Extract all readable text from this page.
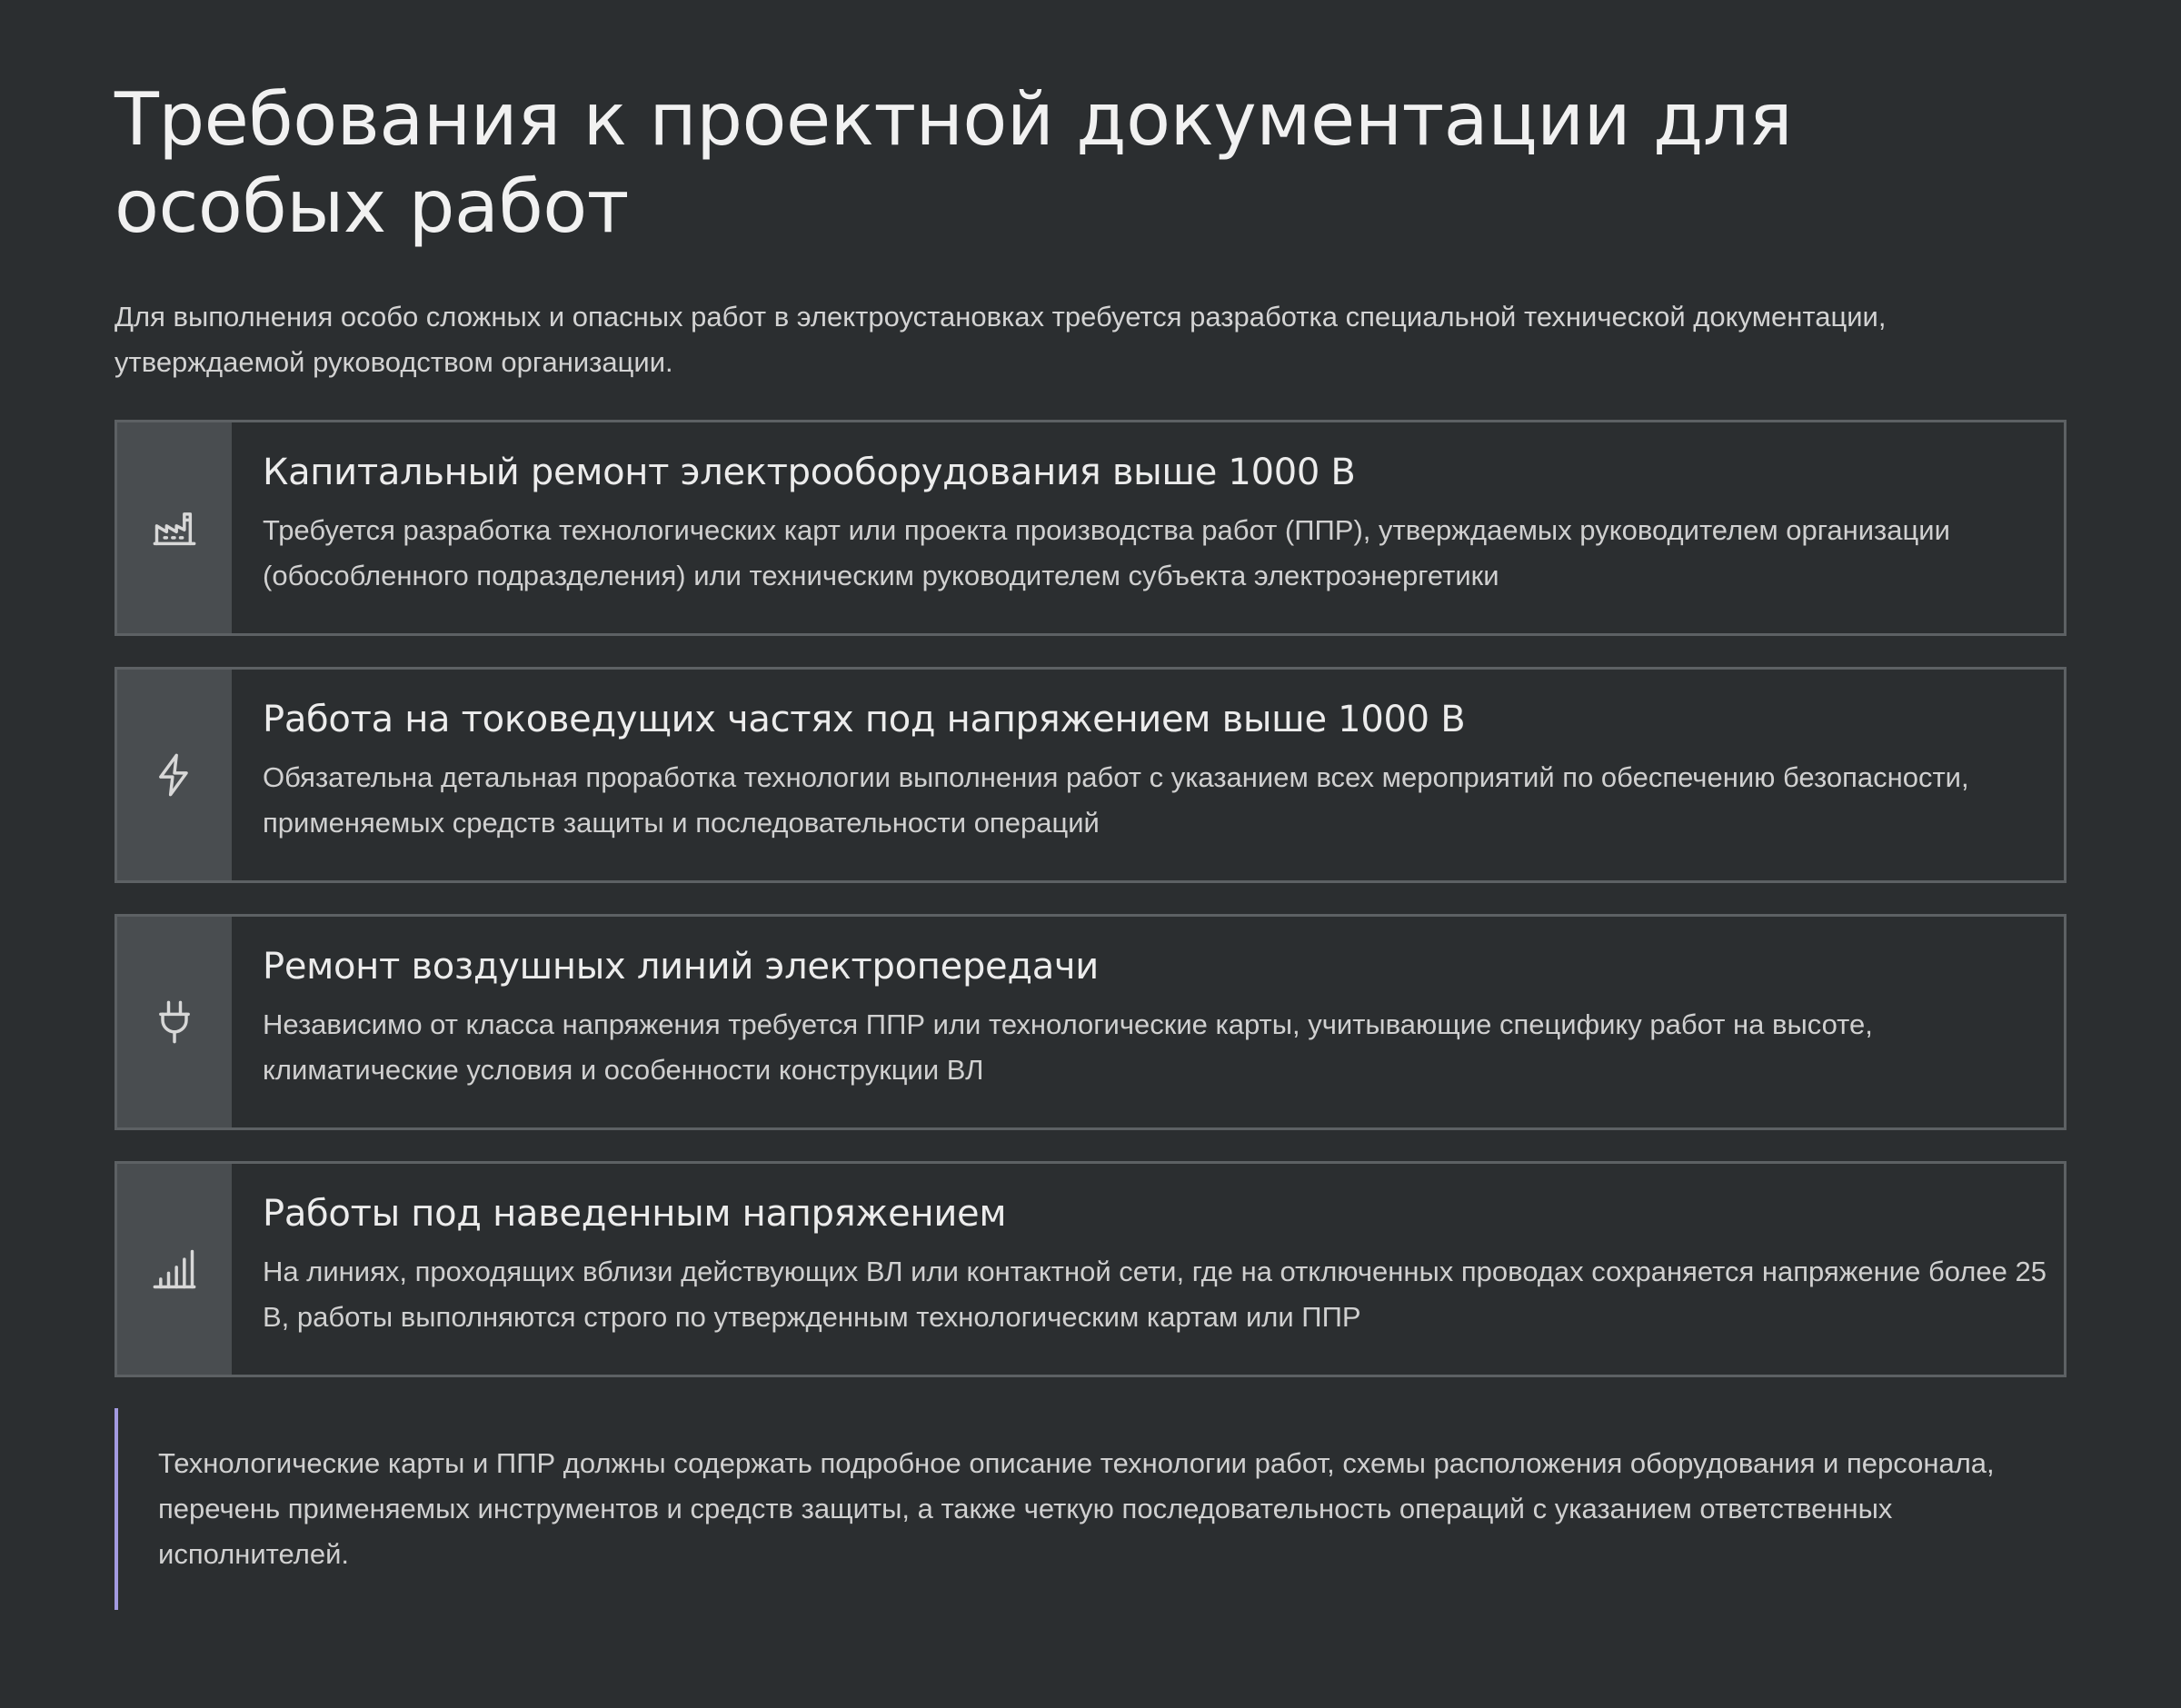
Требования к проектной документации для особых работ

Для выполнения особо сложных и опасных работ в электроустановках требуется разработка специальной технической документации, утверждаемой руководством организации.

Капитальный ремонт электрооборудования выше 1000 В

Требуется разработка технологических карт или проекта производства работ (ППР), утверждаемых руководителем организации (обособленного подразделения) или техническим руководителем субъекта электроэнергетики

Работа на токоведущих частях под напряжением выше 1000 В

Обязательна детальная проработка технологии выполнения работ с указанием всех мероприятий по обеспечению безопасности, применяемых средств защиты и последовательности операций

Ремонт воздушных линий электропередачи

Независимо от класса напряжения требуется ППР или технологические карты, учитывающие специфику работ на высоте, климатические условия и особенности конструкции ВЛ

Работы под наведенным напряжением

На линиях, проходящих вблизи действующих ВЛ или контактной сети, где на отключенных проводах сохраняется напряжение более 25 В, работы выполняются строго по утвержденным технологическим картам или ППР

Технологические карты и ППР должны содержать подробное описание технологии работ, схемы расположения оборудования и персонала, перечень применяемых инструментов и средств защиты, а также четкую последовательность операций с указанием ответственных исполнителей.
